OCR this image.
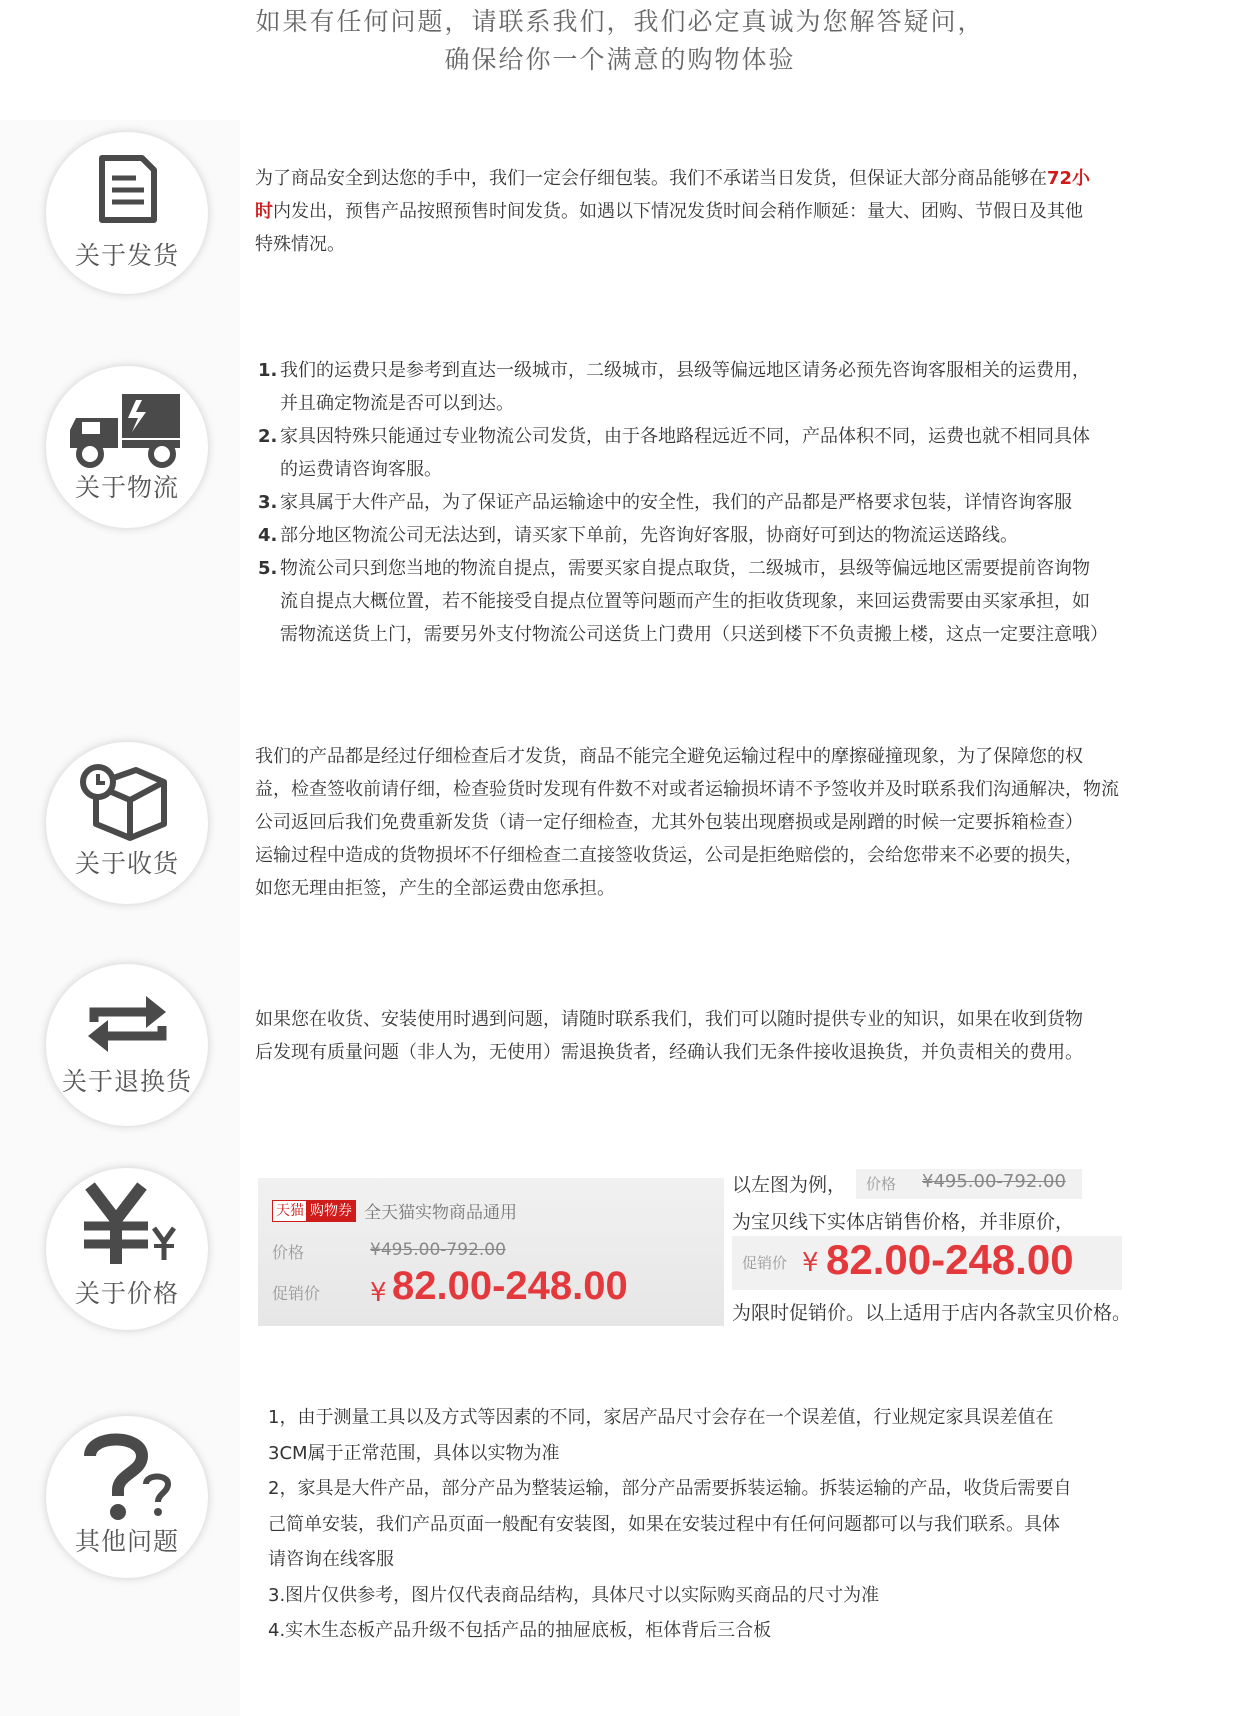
如果有任何问题，请联系我们，我们必定真诚为您解答疑问，
确保给你一个满意的购物体验
关于发货

为了商品安全到达您的手中，我们一定会仔细包装。我们不承诺当日发货，但保证大部分商品能够在72小

时内发出，预售产品按照预售时间发货。如遇以下情况发货时间会稍作顺延：量大、团购、节假日及其他

特殊情况。

关于物流

1. 我们的运费只是参考到直达一级城市，二级城市，县级等偏远地区请务必预先咨询客服相关的运费用，

并且确定物流是否可以到达。

2. 家具因特殊只能通过专业物流公司发货，由于各地路程远近不同，产品体积不同，运费也就不相同具体

的运费请咨询客服。

3. 家具属于大件产品，为了保证产品运输途中的安全性，我们的产品都是严格要求包装，详情咨询客服

4. 部分地区物流公司无法达到，请买家下单前，先咨询好客服，协商好可到达的物流运送路线。

5. 物流公司只到您当地的物流自提点，需要买家自提点取货，二级城市，县级等偏远地区需要提前咨询物

流自提点大概位置，若不能接受自提点位置等问题而产生的拒收货现象，来回运费需要由买家承担，如

需物流送货上门，需要另外支付物流公司送货上门费用（只送到楼下不负责搬上楼，这点一定要注意哦）

关于收货

我们的产品都是经过仔细检查后才发货，商品不能完全避免运输过程中的摩擦碰撞现象，为了保障您的权

益，检查签收前请仔细，检查验货时发现有件数不对或者运输损坏请不予签收并及时联系我们沟通解决，物流

公司返回后我们免费重新发货（请一定仔细检查，尤其外包装出现磨损或是剐蹭的时候一定要拆箱检查）

运输过程中造成的货物损坏不仔细检查二直接签收货运，公司是拒绝赔偿的，会给您带来不必要的损失，

如您无理由拒签，产生的全部运费由您承担。

关于退换货

如果您在收货、安装使用时遇到问题，请随时联系我们，我们可以随时提供专业的知识，如果在收到货物

后发现有质量问题（非人为，无使用）需退换货者，经确认我们无条件接收退换货，并负责相关的费用。

关于价格
天猫 购物券 全天猫实物商品通用
价格	¥495.00-792.00
促销价 ¥ 82.00-248.00
以左图为例， 价格 ¥495.00-792.00
为宝贝线下实体店销售价格，并非原价，
促销价 ¥ 82.00-248.00
为限时促销价。以上适用于店内各款宝贝价格。
其他问题

1，由于测量工具以及方式等因素的不同，家居产品尺寸会存在一个误差值，行业规定家具误差值在

3CM属于正常范围，具体以实物为准

2，家具是大件产品，部分产品为整装运输，部分产品需要拆装运输。拆装运输的产品，收货后需要自

己简单安装，我们产品页面一般配有安装图，如果在安装过程中有任何问题都可以与我们联系。具体

请咨询在线客服

3.图片仅供参考，图片仅代表商品结构，具体尺寸以实际购买商品的尺寸为准

4.实木生态板产品升级不包括产品的抽屉底板，柜体背后三合板
